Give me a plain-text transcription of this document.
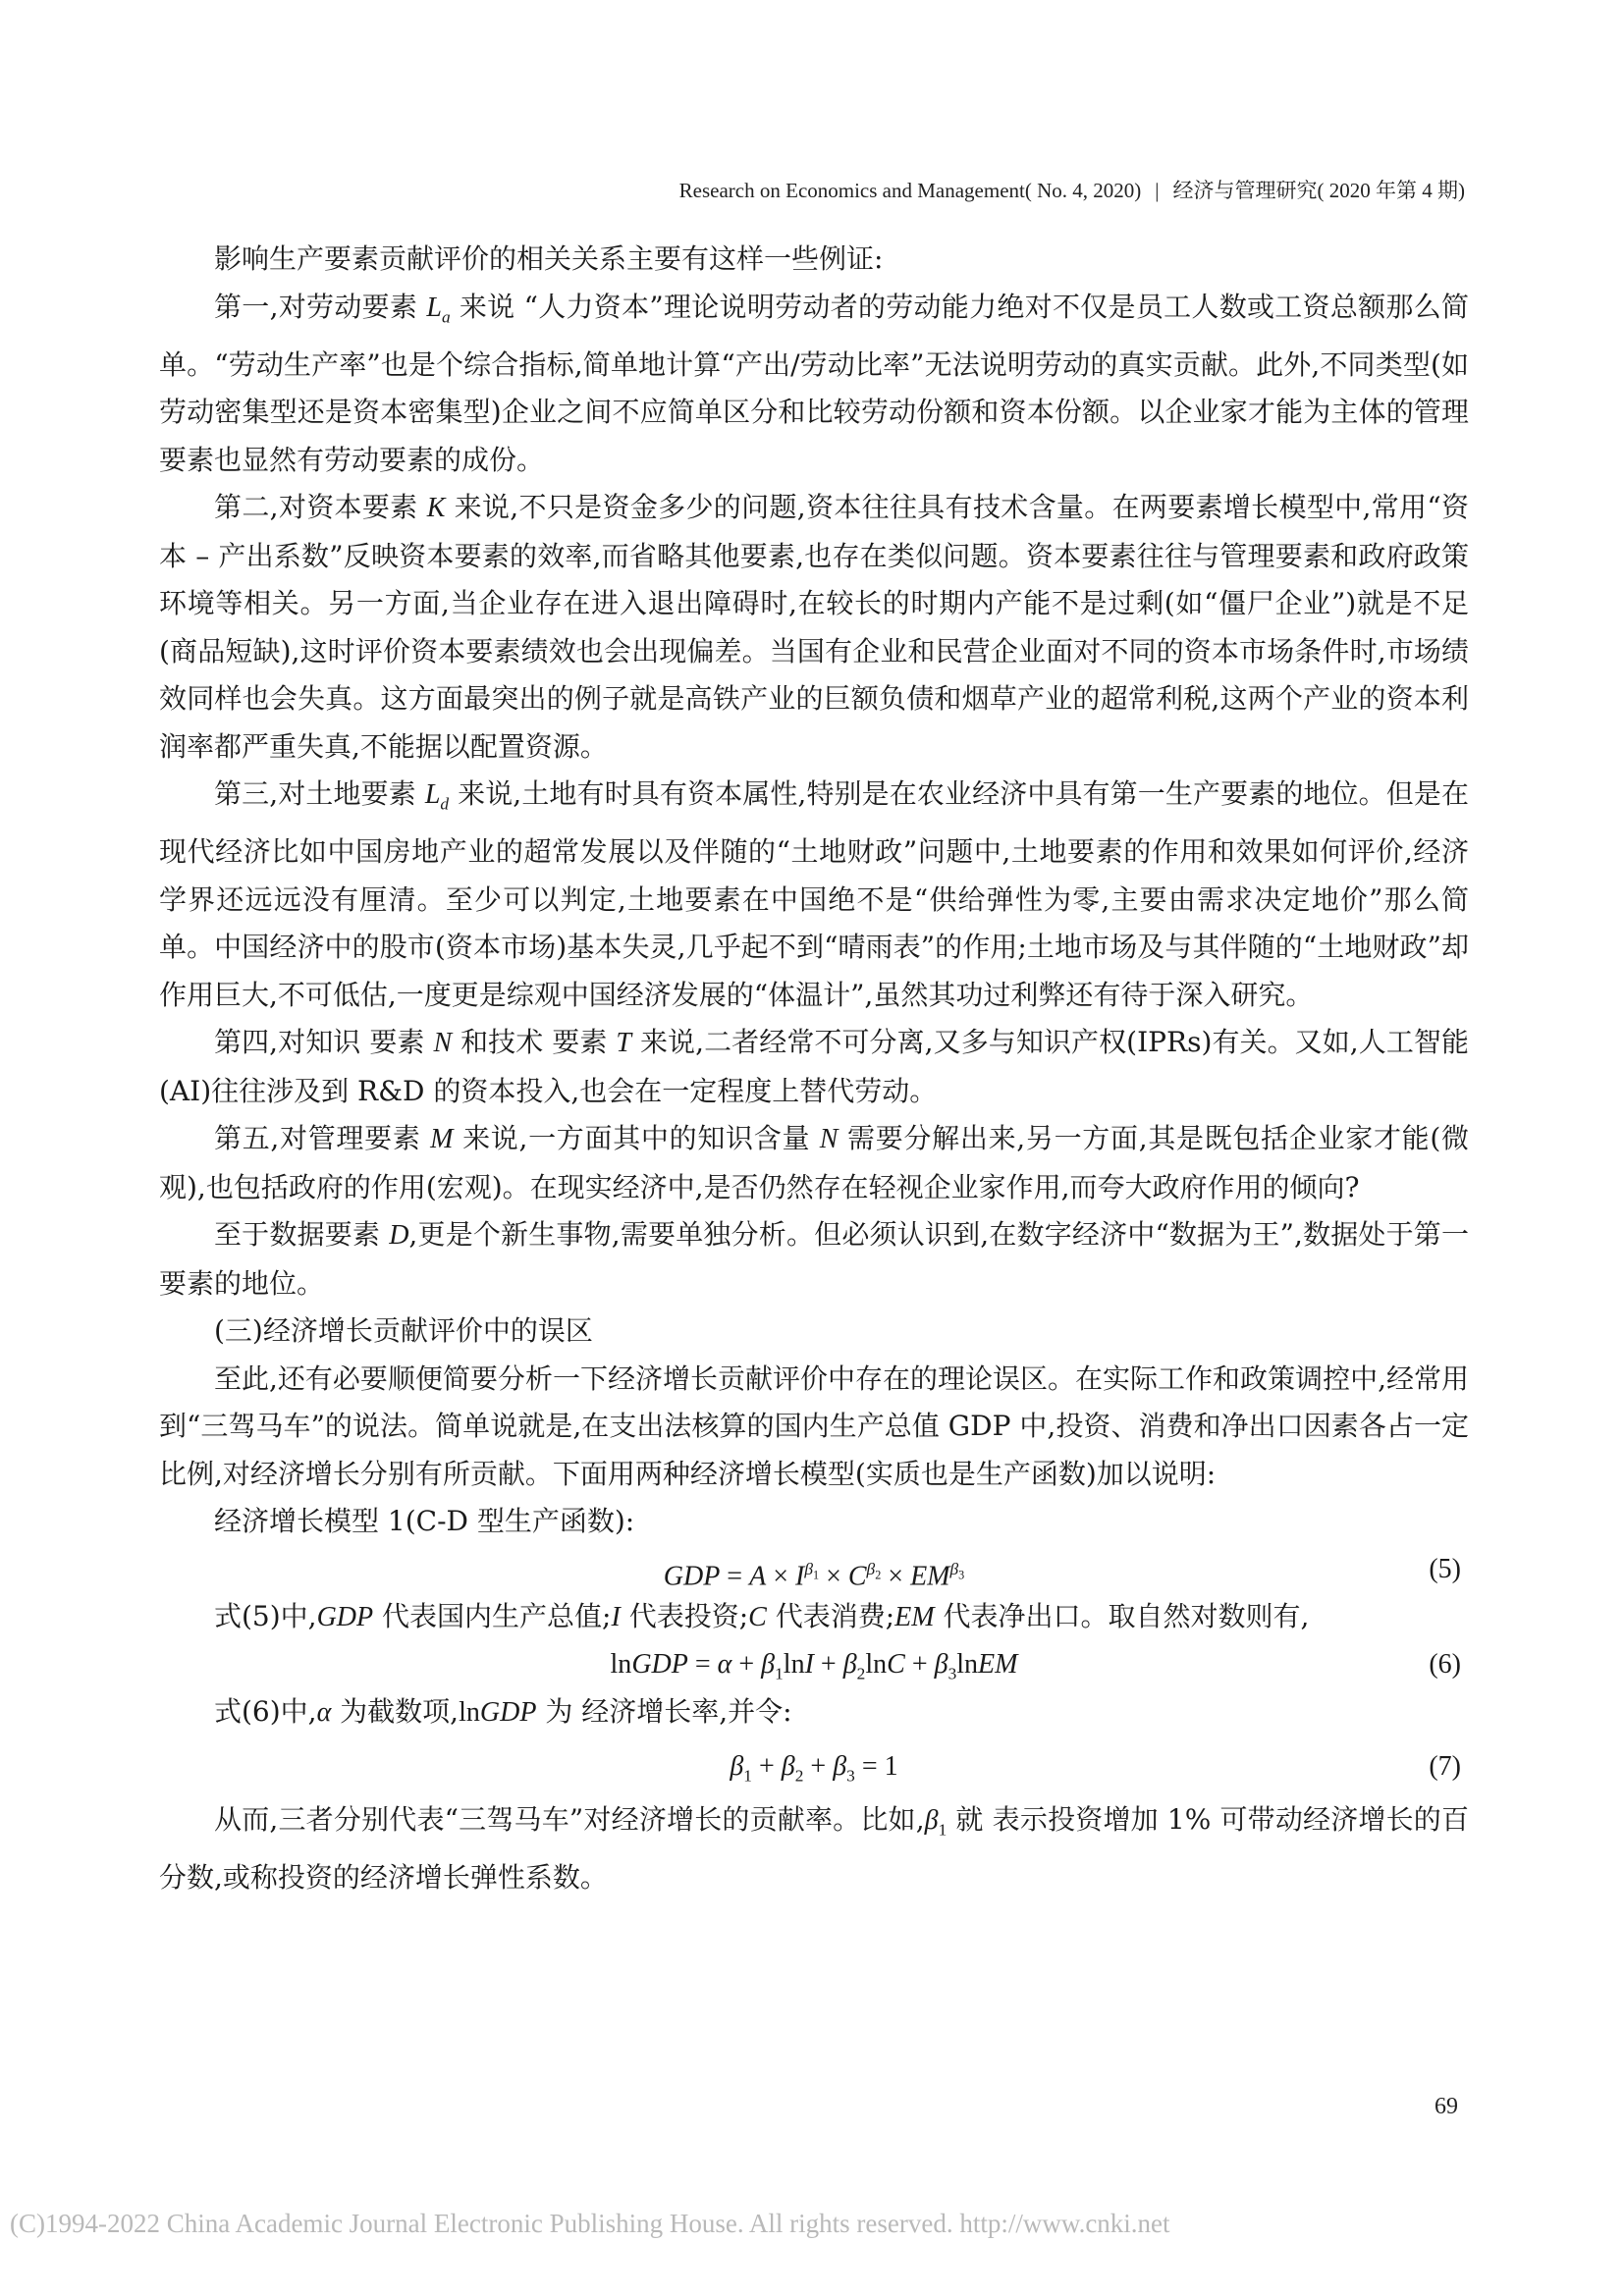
Research on Economics and Management( No. 4, 2020) | 经济与管理研究( 2020 年第 4 期)

影响生产要素贡献评价的相关关系主要有这样一些例证:

第一,对劳动要素 $L_a$ 来说 “人力资本”理论说明劳动者的劳动能力绝对不仅是员工人数或工资总额那么简单。“劳动生产率”也是个综合指标,简单地计算“产出/劳动比率”无法说明劳动的真实贡献。此外,不同类型(如劳动密集型还是资本密集型)企业之间不应简单区分和比较劳动份额和资本份额。以企业家才能为主体的管理要素也显然有劳动要素的成份。

第二,对资本要素 K 来说,不只是资金多少的问题,资本往往具有技术含量。在两要素增长模型中,常用“资本 – 产出系数”反映资本要素的效率,而省略其他要素,也存在类似问题。资本要素往往与管理要素和政府政策环境等相关。另一方面,当企业存在进入退出障碍时,在较长的时期内产能不是过剩(如“僵尸企业”)就是不足(商品短缺),这时评价资本要素绩效也会出现偏差。当国有企业和民营企业面对不同的资本市场条件时,市场绩效同样也会失真。这方面最突出的例子就是高铁产业的巨额负债和烟草产业的超常利税,这两个产业的资本利润率都严重失真,不能据以配置资源。

第三,对土地要素 $L_d$ 来说,土地有时具有资本属性,特别是在农业经济中具有第一生产要素的地位。但是在现代经济比如中国房地产业的超常发展以及伴随的“土地财政”问题中,土地要素的作用和效果如何评价,经济学界还远远没有厘清。至少可以判定,土地要素在中国绝不是“供给弹性为零,主要由需求决定地价”那么简单。中国经济中的股市(资本市场)基本失灵,几乎起不到“晴雨表”的作用;土地市场及与其伴随的“土地财政”却作用巨大,不可低估,一度更是综观中国经济发展的“体温计”,虽然其功过利弊还有待于深入研究。

第四,对知识 要素 N 和技术 要素 T 来说,二者经常不可分离,又多与知识产权(IPRs)有关。又如,人工智能(AI)往往涉及到 R&D 的资本投入,也会在一定程度上替代劳动。

第五,对管理要素 M 来说,一方面其中的知识含量 N 需要分解出来,另一方面,其是既包括企业家才能(微观),也包括政府的作用(宏观)。在现实经济中,是否仍然存在轻视企业家作用,而夸大政府作用的倾向?

至于数据要素 D,更是个新生事物,需要单独分析。但必须认识到,在数字经济中“数据为王”,数据处于第一要素的地位。

(三)经济增长贡献评价中的误区

至此,还有必要顺便简要分析一下经济增长贡献评价中存在的理论误区。在实际工作和政策调控中,经常用到“三驾马车”的说法。简单说就是,在支出法核算的国内生产总值 GDP 中,投资、消费和净出口因素各占一定比例,对经济增长分别有所贡献。下面用两种经济增长模型(实质也是生产函数)加以说明:

经济增长模型 1(C-D 型生产函数):

GDP = $A \times I^{\beta_1} \times C^{\beta_2} \times EM^{\beta_3}$	(5)

式(5)中,GDP 代表国内生产总值;I 代表投资;C 代表消费;EM 代表净出口。取自然对数则有,

lnGDP = $\alpha + \beta_1\ln I + \beta_2\ln C$ + $\beta_3lnEM$	(6)

式(6)中,α 为截数项,lnGDP 为 经济增长率,并令:

$\beta_1 + \beta_2 + \beta_3 = 1$	(7)

从而,三者分别代表“三驾马车”对经济增长的贡献率。比如$,\beta_1$ 就 表示投资增加 1% 可带动经济增长的百分数,或称投资的经济增长弹性系数。

69
(C)1994-2022 China Academic Journal Electronic Publishing House. All rights reserved. http://www.cnki.net
